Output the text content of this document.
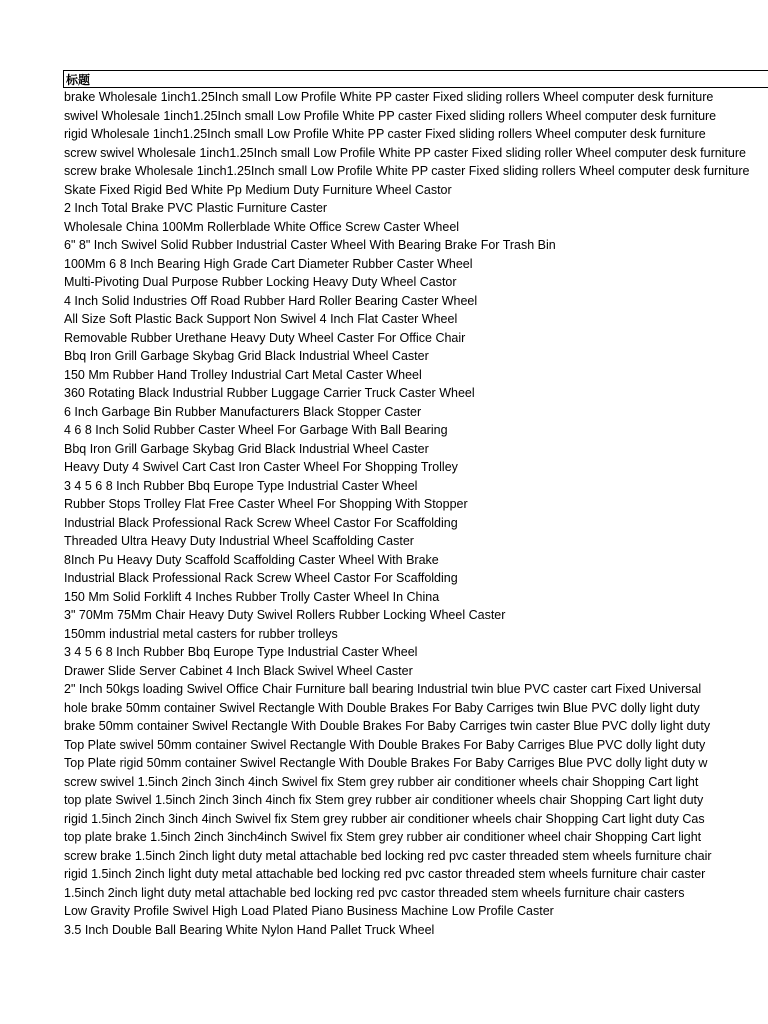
标题
brake Wholesale 1inch1.25Inch small Low Profile White PP caster Fixed sliding rollers Wheel computer desk furniture
swivel Wholesale 1inch1.25Inch small Low Profile White PP caster Fixed sliding rollers Wheel computer desk furniture
rigid Wholesale 1inch1.25Inch small Low Profile White PP caster Fixed sliding rollers Wheel computer desk furniture
screw swivel Wholesale 1inch1.25Inch small Low Profile White PP caster Fixed sliding roller Wheel computer desk furniture
screw brake Wholesale 1inch1.25Inch small Low Profile White PP caster Fixed sliding rollers Wheel computer desk furniture
Skate Fixed Rigid Bed White Pp Medium Duty Furniture Wheel Castor
2 Inch Total Brake PVC Plastic Furniture Caster
Wholesale China 100Mm Rollerblade White Office Screw Caster Wheel
6" 8" Inch Swivel Solid Rubber Industrial Caster Wheel With Bearing Brake For Trash Bin
100Mm 6 8 Inch Bearing High Grade Cart Diameter Rubber Caster Wheel
Multi-Pivoting Dual Purpose Rubber Locking Heavy Duty Wheel Castor
4 Inch Solid Industries Off Road Rubber Hard Roller Bearing Caster Wheel
All Size Soft Plastic Back Support Non Swivel 4 Inch Flat Caster Wheel
Removable Rubber Urethane Heavy Duty Wheel Caster For Office Chair
Bbq Iron Grill Garbage Skybag Grid Black Industrial Wheel Caster
150 Mm Rubber Hand Trolley Industrial Cart Metal Caster Wheel
360 Rotating Black Industrial Rubber Luggage Carrier Truck Caster Wheel
6 Inch Garbage Bin Rubber Manufacturers Black Stopper Caster
4 6 8 Inch Solid Rubber Caster Wheel For Garbage With Ball Bearing
Bbq Iron Grill Garbage Skybag Grid Black Industrial Wheel Caster
Heavy Duty 4 Swivel Cart Cast Iron Caster Wheel For Shopping Trolley
3 4 5 6 8 Inch Rubber Bbq Europe Type Industrial Caster Wheel
Rubber Stops Trolley Flat Free Caster Wheel For Shopping With Stopper
Industrial Black Professional Rack Screw Wheel Castor For Scaffolding
Threaded Ultra Heavy Duty Industrial Wheel Scaffolding Caster
8Inch Pu Heavy Duty Scaffold Scaffolding Caster Wheel With Brake
Industrial Black Professional Rack Screw Wheel Castor For Scaffolding
150 Mm Solid Forklift 4 Inches Rubber Trolly Caster Wheel In China
3" 70Mm 75Mm Chair Heavy Duty Swivel Rollers Rubber Locking Wheel Caster
150mm industrial metal casters for rubber trolleys
3 4 5 6 8 Inch Rubber Bbq Europe Type Industrial Caster Wheel
Drawer Slide Server Cabinet 4 Inch Black Swivel Wheel Caster
2" Inch 50kgs loading Swivel Office Chair Furniture ball bearing Industrial twin blue PVC caster cart Fixed Universal
hole brake 50mm container Swivel Rectangle With Double Brakes For Baby Carriges twin Blue PVC dolly light duty
brake 50mm container Swivel Rectangle With Double Brakes For Baby Carriges twin caster Blue PVC dolly light duty
Top Plate swivel 50mm container Swivel Rectangle With Double Brakes For Baby Carriges Blue PVC dolly light duty
Top Plate rigid 50mm container Swivel Rectangle With Double Brakes For Baby Carriges Blue PVC dolly light duty w
screw swivel 1.5inch 2inch 3inch 4inch Swivel fix Stem grey rubber air conditioner wheels chair Shopping Cart light
top plate Swivel 1.5inch 2inch 3inch 4inch fix Stem grey rubber air conditioner wheels chair Shopping Cart light duty
rigid 1.5inch 2inch 3inch 4inch Swivel fix Stem grey rubber air conditioner wheels chair Shopping Cart light duty Cas
top plate brake 1.5inch 2inch 3inch4inch Swivel fix Stem grey rubber air conditioner wheel chair Shopping Cart light
screw brake 1.5inch 2inch light duty metal attachable bed locking red pvc caster threaded stem wheels furniture chair
rigid 1.5inch 2inch light duty metal attachable bed locking red pvc castor threaded stem wheels furniture chair caster
1.5inch 2inch light duty metal attachable bed locking red pvc castor threaded stem wheels furniture chair casters
Low Gravity Profile Swivel High Load Plated Piano Business Machine Low Profile Caster
3.5 Inch Double Ball Bearing White Nylon Hand Pallet Truck Wheel
